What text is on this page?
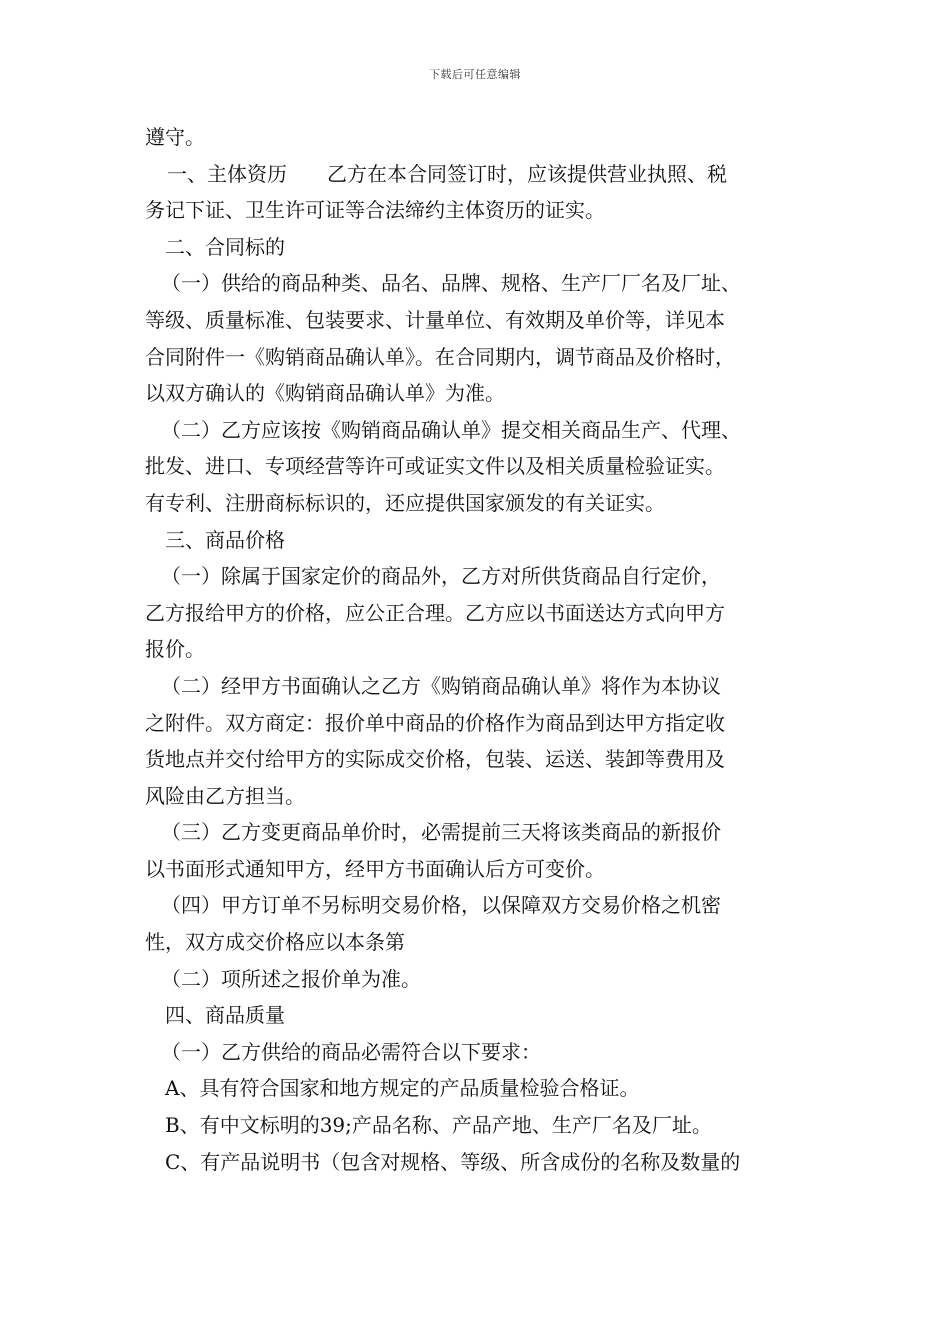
下载后可任意编辑
遵守。
一、主体资历　　乙方在本合同签订时，应该提供营业执照、税
务记下证、卫生许可证等合法缔约主体资历的证实。
二、合同标的
（一）供给的商品种类、品名、品牌、规格、生产厂厂名及厂址、
等级、质量标准、包装要求、计量单位、有效期及单价等，详见本
合同附件一《购销商品确认单》。在合同期内，调节商品及价格时，
以双方确认的《购销商品确认单》为准。
（二）乙方应该按《购销商品确认单》提交相关商品生产、代理、
批发、进口、专项经营等许可或证实文件以及相关质量检验证实。
有专利、注册商标标识的，还应提供国家颁发的有关证实。
三、商品价格
（一）除属于国家定价的商品外，乙方对所供货商品自行定价，
乙方报给甲方的价格，应公正合理。乙方应以书面送达方式向甲方
报价。
（二）经甲方书面确认之乙方《购销商品确认单》将作为本协议
之附件。双方商定：报价单中商品的价格作为商品到达甲方指定收
货地点并交付给甲方的实际成交价格，包装、运送、装卸等费用及
风险由乙方担当。
（三）乙方变更商品单价时，必需提前三天将该类商品的新报价
以书面形式通知甲方，经甲方书面确认后方可变价。
（四）甲方订单不另标明交易价格，以保障双方交易价格之机密
性，双方成交价格应以本条第
（二）项所述之报价单为准。
四、商品质量
（一）乙方供给的商品必需符合以下要求：
A、具有符合国家和地方规定的产品质量检验合格证。
B、有中文标明的39;产品名称、产品产地、生产厂名及厂址。
C、有产品说明书（包含对规格、等级、所含成份的名称及数量的
